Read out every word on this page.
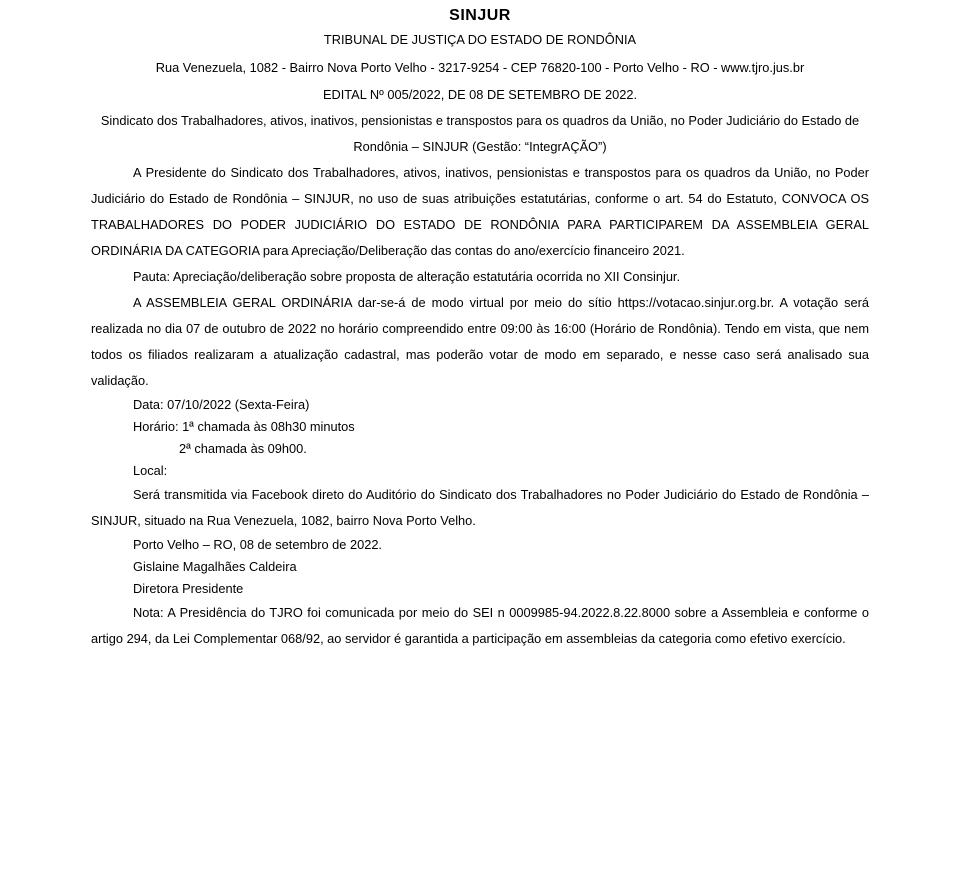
SINJUR
TRIBUNAL DE JUSTIÇA DO ESTADO DE RONDÔNIA
Rua Venezuela, 1082 - Bairro Nova Porto Velho - 3217-9254 - CEP 76820-100 - Porto Velho - RO - www.tjro.jus.br
EDITAL Nº 005/2022, DE 08 DE SETEMBRO DE 2022.
Sindicato dos Trabalhadores, ativos, inativos, pensionistas e transpostos para os quadros da União, no Poder Judiciário do Estado de Rondônia – SINJUR (Gestão: “IntegrAÇÃO”)

A Presidente do Sindicato dos Trabalhadores, ativos, inativos, pensionistas e transpostos para os quadros da União, no Poder Judiciário do Estado de Rondônia – SINJUR, no uso de suas atribuições estatutárias, conforme o art. 54 do Estatuto, CONVOCA OS TRABALHADORES DO PODER JUDICIÁRIO DO ESTADO DE RONDÔNIA PARA PARTICIPAREM DA ASSEMBLEIA GERAL ORDINÁRIA DA CATEGORIA para Apreciação/Deliberação das contas do ano/exercício financeiro 2021.

Pauta: Apreciação/deliberação sobre proposta de alteração estatutária ocorrida no XII Consinjur.

A ASSEMBLEIA GERAL ORDINÁRIA dar-se-á de modo virtual por meio do sítio https://votacao.sinjur.org.br. A votação será realizada no dia 07 de outubro de 2022 no horário compreendido entre 09:00 às 16:00 (Horário de Rondônia). Tendo em vista, que nem todos os filiados realizaram a atualização cadastral, mas poderão votar de modo em separado, e nesse caso será analisado sua validação.

Data: 07/10/2022 (Sexta-Feira)
Horário: 1ª chamada às 08h30 minutos
2ª chamada às 09h00.
Local:

Será transmitida via Facebook direto do Auditório do Sindicato dos Trabalhadores no Poder Judiciário do Estado de Rondônia – SINJUR, situado na Rua Venezuela, 1082, bairro Nova Porto Velho.

Porto Velho – RO, 08 de setembro de 2022.
Gislaine Magalhães Caldeira
Diretora Presidente

Nota: A Presidência do TJRO foi comunicada por meio do SEI n 0009985-94.2022.8.22.8000 sobre a Assembleia e conforme o artigo 294, da Lei Complementar 068/92, ao servidor é garantida a participação em assembleias da categoria como efetivo exercício.
